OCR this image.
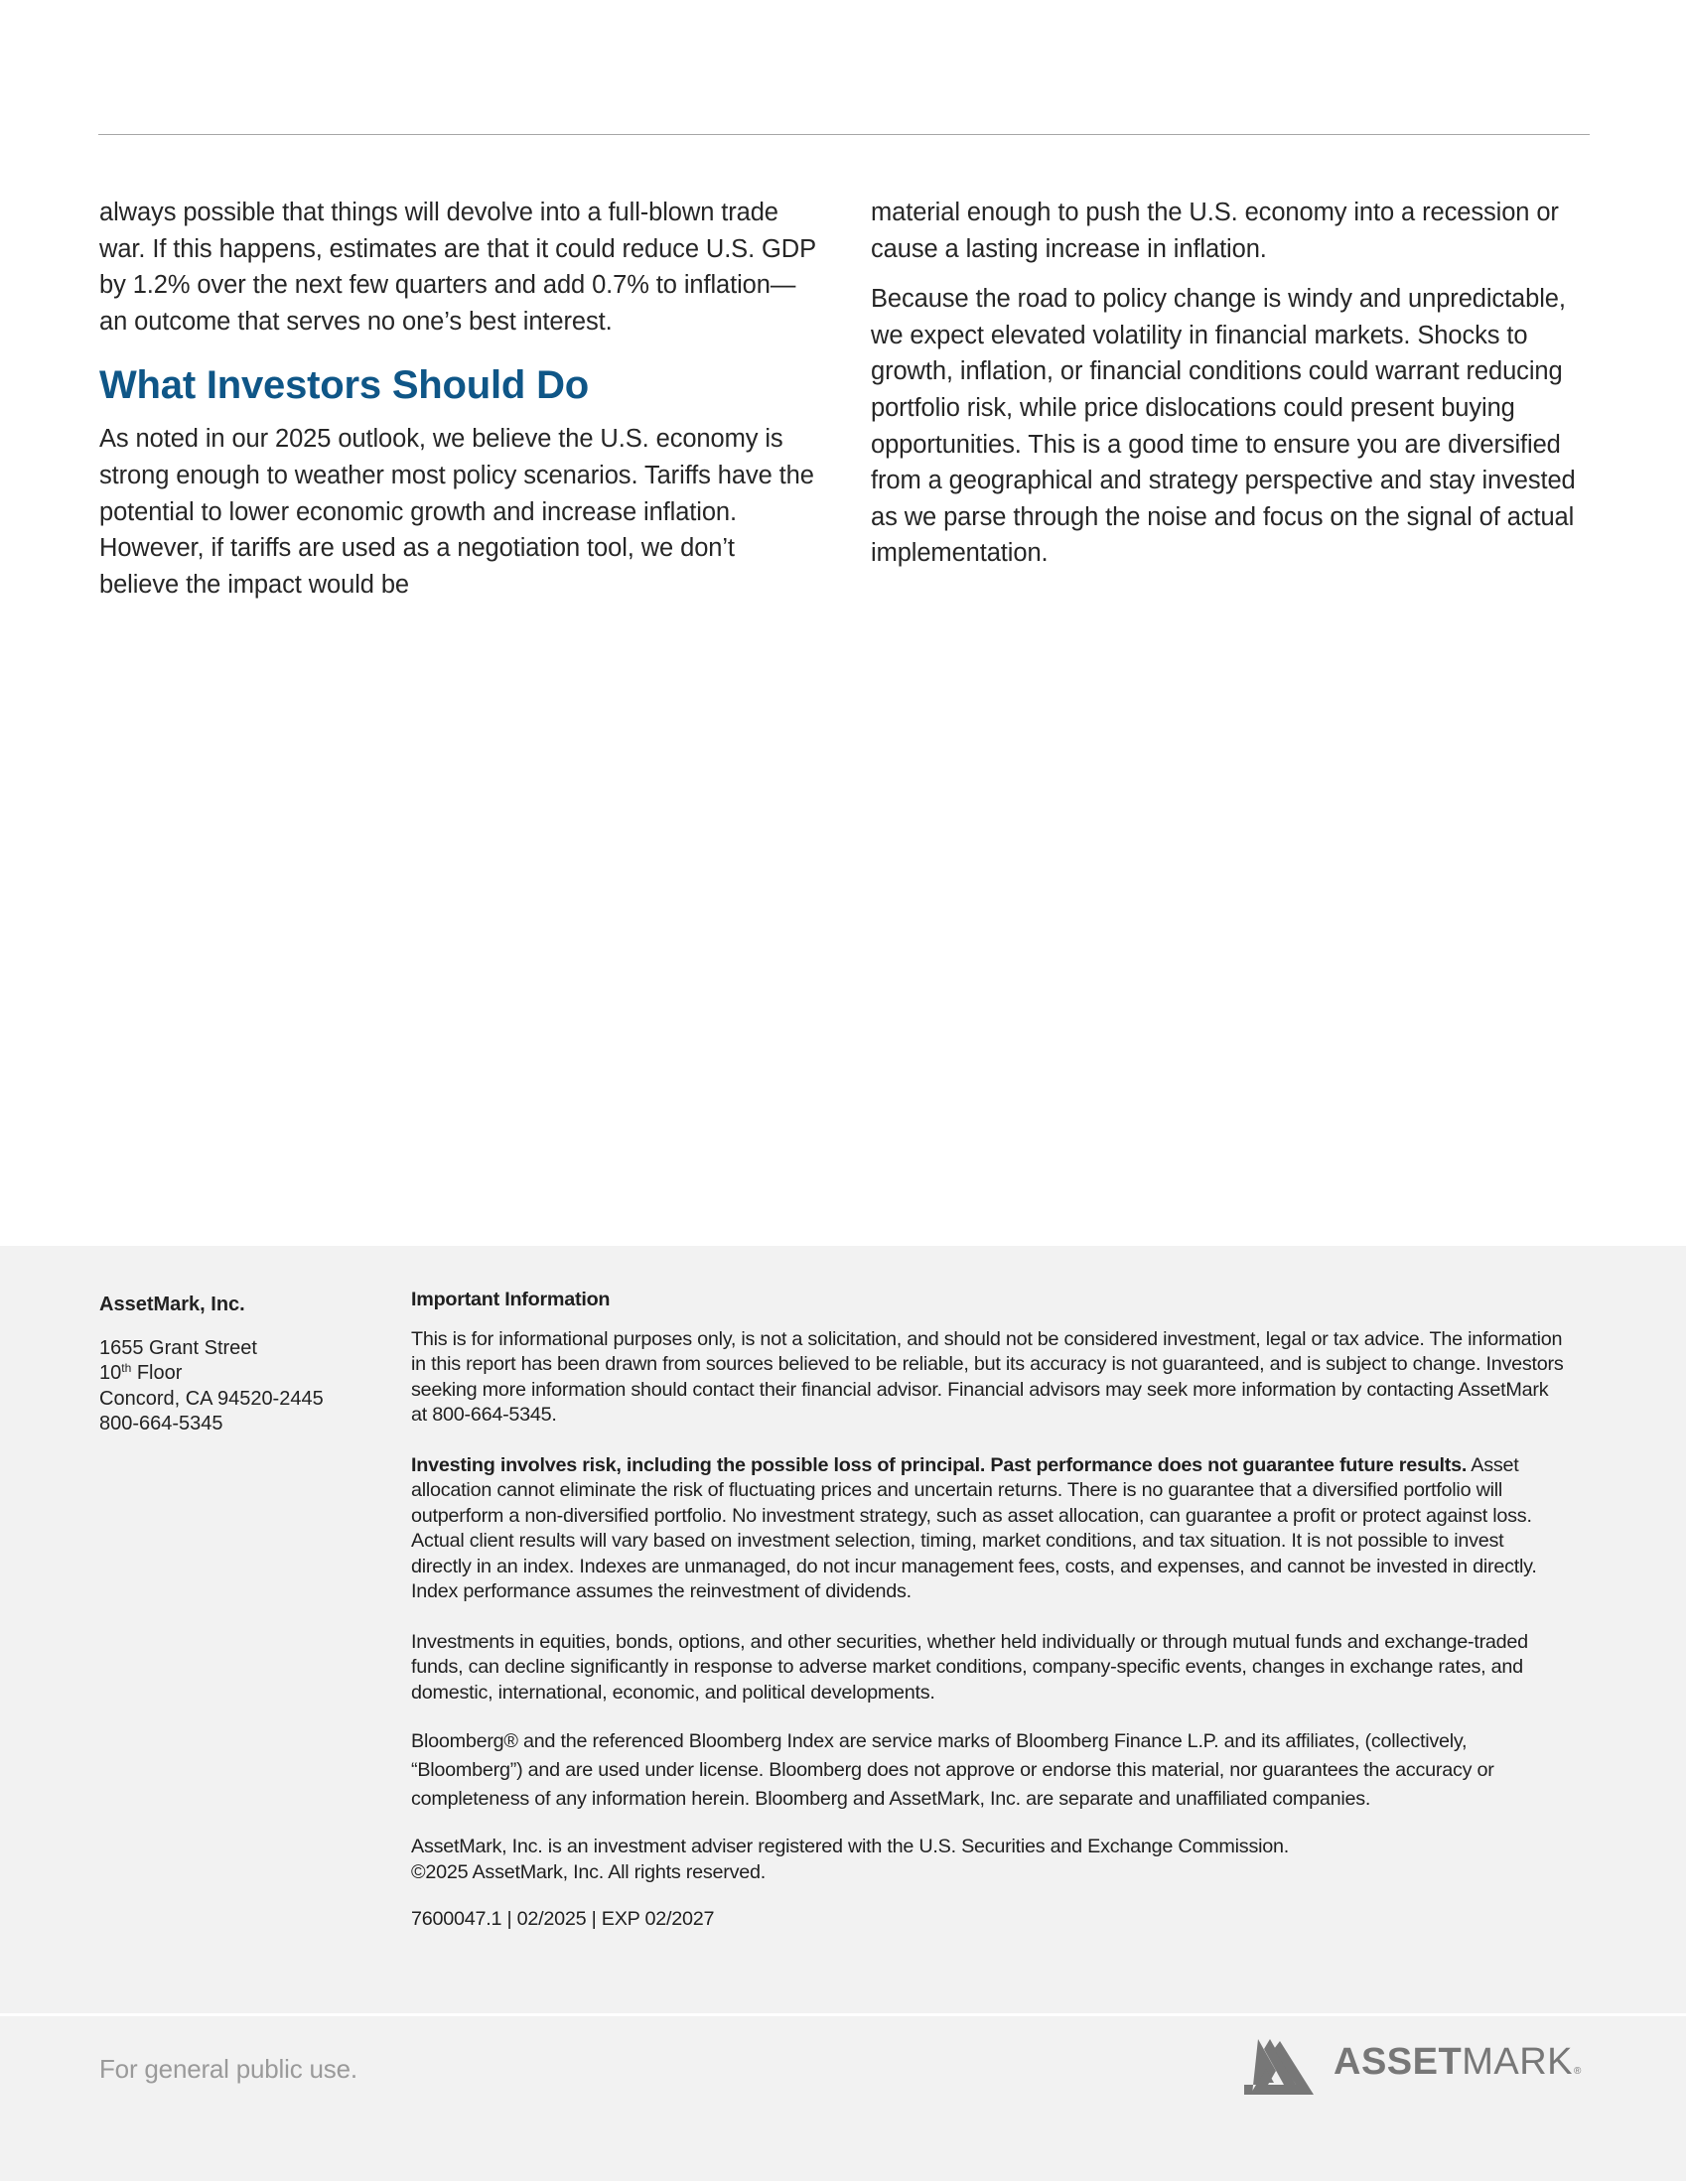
always possible that things will devolve into a full-blown trade war. If this happens, estimates are that it could reduce U.S. GDP by 1.2% over the next few quarters and add 0.7% to inflation—an outcome that serves no one’s best interest.

What Investors Should Do

As noted in our 2025 outlook, we believe the U.S. economy is strong enough to weather most policy scenarios. Tariffs have the potential to lower economic growth and increase inflation. However, if tariffs are used as a negotiation tool, we don’t believe the impact would be

material enough to push the U.S. economy into a recession or cause a lasting increase in inflation.

Because the road to policy change is windy and unpredictable, we expect elevated volatility in financial markets. Shocks to growth, inflation, or financial conditions could warrant reducing portfolio risk, while price dislocations could present buying opportunities. This is a good time to ensure you are diversified from a geographical and strategy perspective and stay invested as we parse through the noise and focus on the signal of actual implementation.

AssetMark, Inc.
1655 Grant Street
10th Floor
Concord, CA 94520-2445
800-664-5345
Important Information

This is for informational purposes only, is not a solicitation, and should not be considered investment, legal or tax advice. The information in this report has been drawn from sources believed to be reliable, but its accuracy is not guaranteed, and is subject to change. Investors seeking more information should contact their financial advisor. Financial advisors may seek more information by contacting AssetMark at 800-664-5345.

Investing involves risk, including the possible loss of principal. Past performance does not guarantee future results. Asset allocation cannot eliminate the risk of fluctuating prices and uncertain returns. There is no guarantee that a diversified portfolio will outperform a non-diversified portfolio. No investment strategy, such as asset allocation, can guarantee a profit or protect against loss. Actual client results will vary based on investment selection, timing, market conditions, and tax situation. It is not possible to invest directly in an index. Indexes are unmanaged, do not incur management fees, costs, and expenses, and cannot be invested in directly. Index performance assumes the reinvestment of dividends.

Investments in equities, bonds, options, and other securities, whether held individually or through mutual funds and exchange-traded funds, can decline significantly in response to adverse market conditions, company-specific events, changes in exchange rates, and domestic, international, economic, and political developments.

Bloomberg® and the referenced Bloomberg Index are service marks of Bloomberg Finance L.P. and its affiliates, (collectively, “Bloomberg”) and are used under license. Bloomberg does not approve or endorse this material, nor guarantees the accuracy or completeness of any information herein. Bloomberg and AssetMark, Inc. are separate and unaffiliated companies.

AssetMark, Inc. is an investment adviser registered with the U.S. Securities and Exchange Commission.
©2025 AssetMark, Inc. All rights reserved.

7600047.1 | 02/2025 | EXP 02/2027

For general public use.	ASSETMARK®
